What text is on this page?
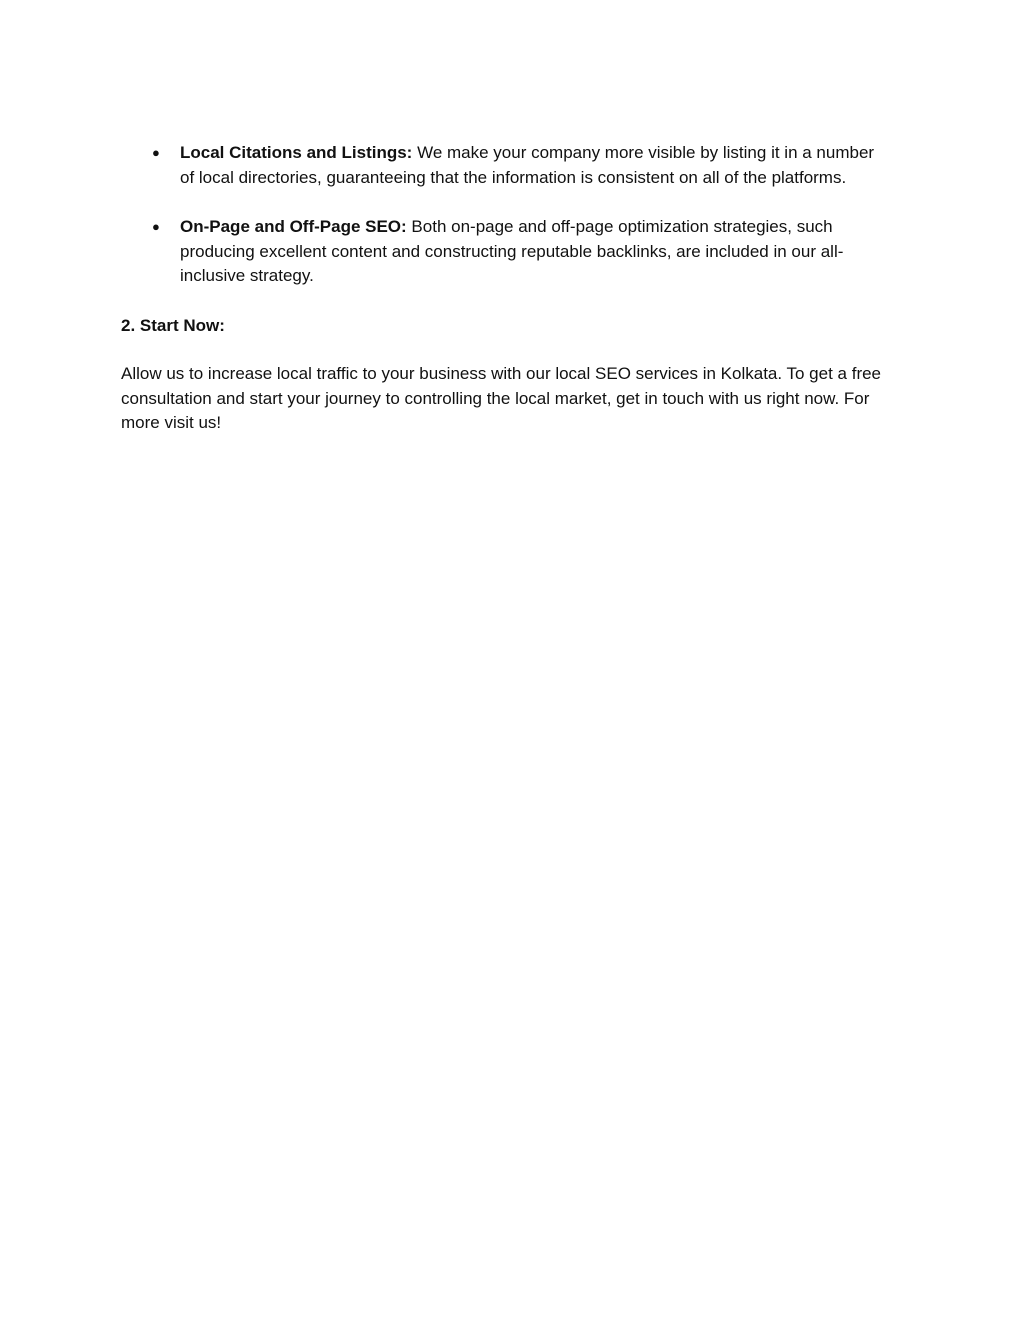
● Local Citations and Listings: We make your company more visible by listing it in a number of local directories, guaranteeing that the information is consistent on all of the platforms.
● On-Page and Off-Page SEO: Both on-page and off-page optimization strategies, such producing excellent content and constructing reputable backlinks, are included in our all-inclusive strategy.

2. Start Now:

Allow us to increase local traffic to your business with our local SEO services in Kolkata. To get a free consultation and start your journey to controlling the local market, get in touch with us right now. For more visit us!
